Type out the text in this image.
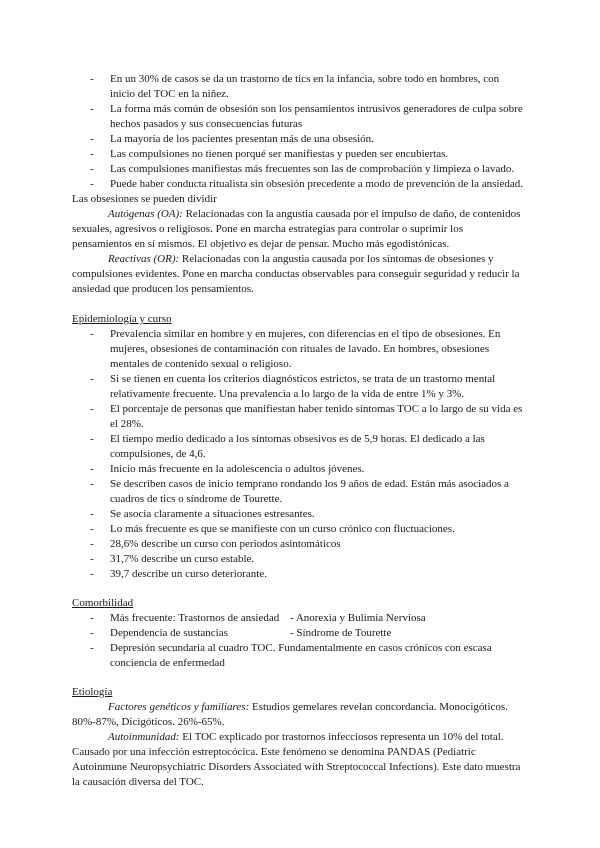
- En un 30% de casos se da un trastorno de tics en la infancia, sobre todo en hombres, con inicio del TOC en la niñez.
- La forma más común de obsesión son los pensamientos intrusivos generadores de culpa sobre hechos pasados y sus consecuencias futuras
- La mayoría de los pacientes presentan más de una obsesión.
- Las compulsiones no tienen porqué ser manifiestas y pueden ser encubiertas.
- Las compulsiones manifiestas más frecuentes son las de comprobación y limpieza o lavado.
- Puede haber conducta ritualista sin obsesión precedente a modo de prevención de la ansiedad.

Las obsesiones se pueden dividir

Autógenas (OA): Relacionadas con la angustia causada por el impulso de daño, de contenidos sexuales, agresivos o religiosos. Pone en marcha estrategias para controlar o suprimir los pensamientos en sí mismos. El objetivo es dejar de pensar. Mucho más egodistónicas.

Reactivas (OR): Relacionadas con la angustia causada por los síntomas de obsesiones y compulsiones evidentes. Pone en marcha conductas observables para conseguir seguridad y reducir la ansiedad que producen los pensamientos.

Epidemiología y curso
- Prevalencia similar en hombre y en mujeres, con diferencias en el tipo de obsesiones. En mujeres, obsesiones de contaminación con rituales de lavado. En hombres, obsesiones mentales de contenido sexual o religioso.
- Si se tienen en cuenta los criterios diagnósticos estrictos, se trata de un trastorno mental relativamente frecuente. Una prevalencia a lo largo de la vida de entre 1% y 3%.
- El porcentaje de personas que manifiestan haber tenido síntomas TOC a lo largo de su vida es el 28%.
- El tiempo medio dedicado a los síntomas obsesivos es de 5,9 horas. El dedicado a las compulsiones, de 4,6.
- Inicio más frecuente en la adolescencia o adultos jóvenes.
- Se describen casos de inicio temprano rondando los 9 años de edad. Están más asociados a cuadros de tics o síndrome de Tourette.
- Se asocia claramente a situaciones estresantes.
- Lo más frecuente es que se manifieste con un curso crónico con fluctuaciones.
- 28,6% describe un curso con periodos asintomáticos
- 31,7% describe un curso estable.
- 39,7 describe un curso deteriorante.
Comorbilidad
- Más frecuente: Trastornos de ansiedad	- Anorexia y Bulimia Nerviosa
- Dependencia de sustancias	- Síndrome de Tourette
- Depresión secundaria al cuadro TOC. Fundamentalmente en casos crónicos con escasa conciencia de enfermedad
Etiología

Factores genéticos y familiares: Estudios gemelares revelan concordancia. Monocigóticos. 80%-87%, Dicigóticos. 26%-65%.

Autoinmunidad: El TOC explicado por trastornos infecciosos representa un 10% del total. Causado por una infección estreptocócica. Este fenómeno se denomina PANDAS (Pediatric Autoinmune Neuropsychiatric Disorders Associated with Streptococcal Infections). Este dato muestra la causación diversa del TOC.
